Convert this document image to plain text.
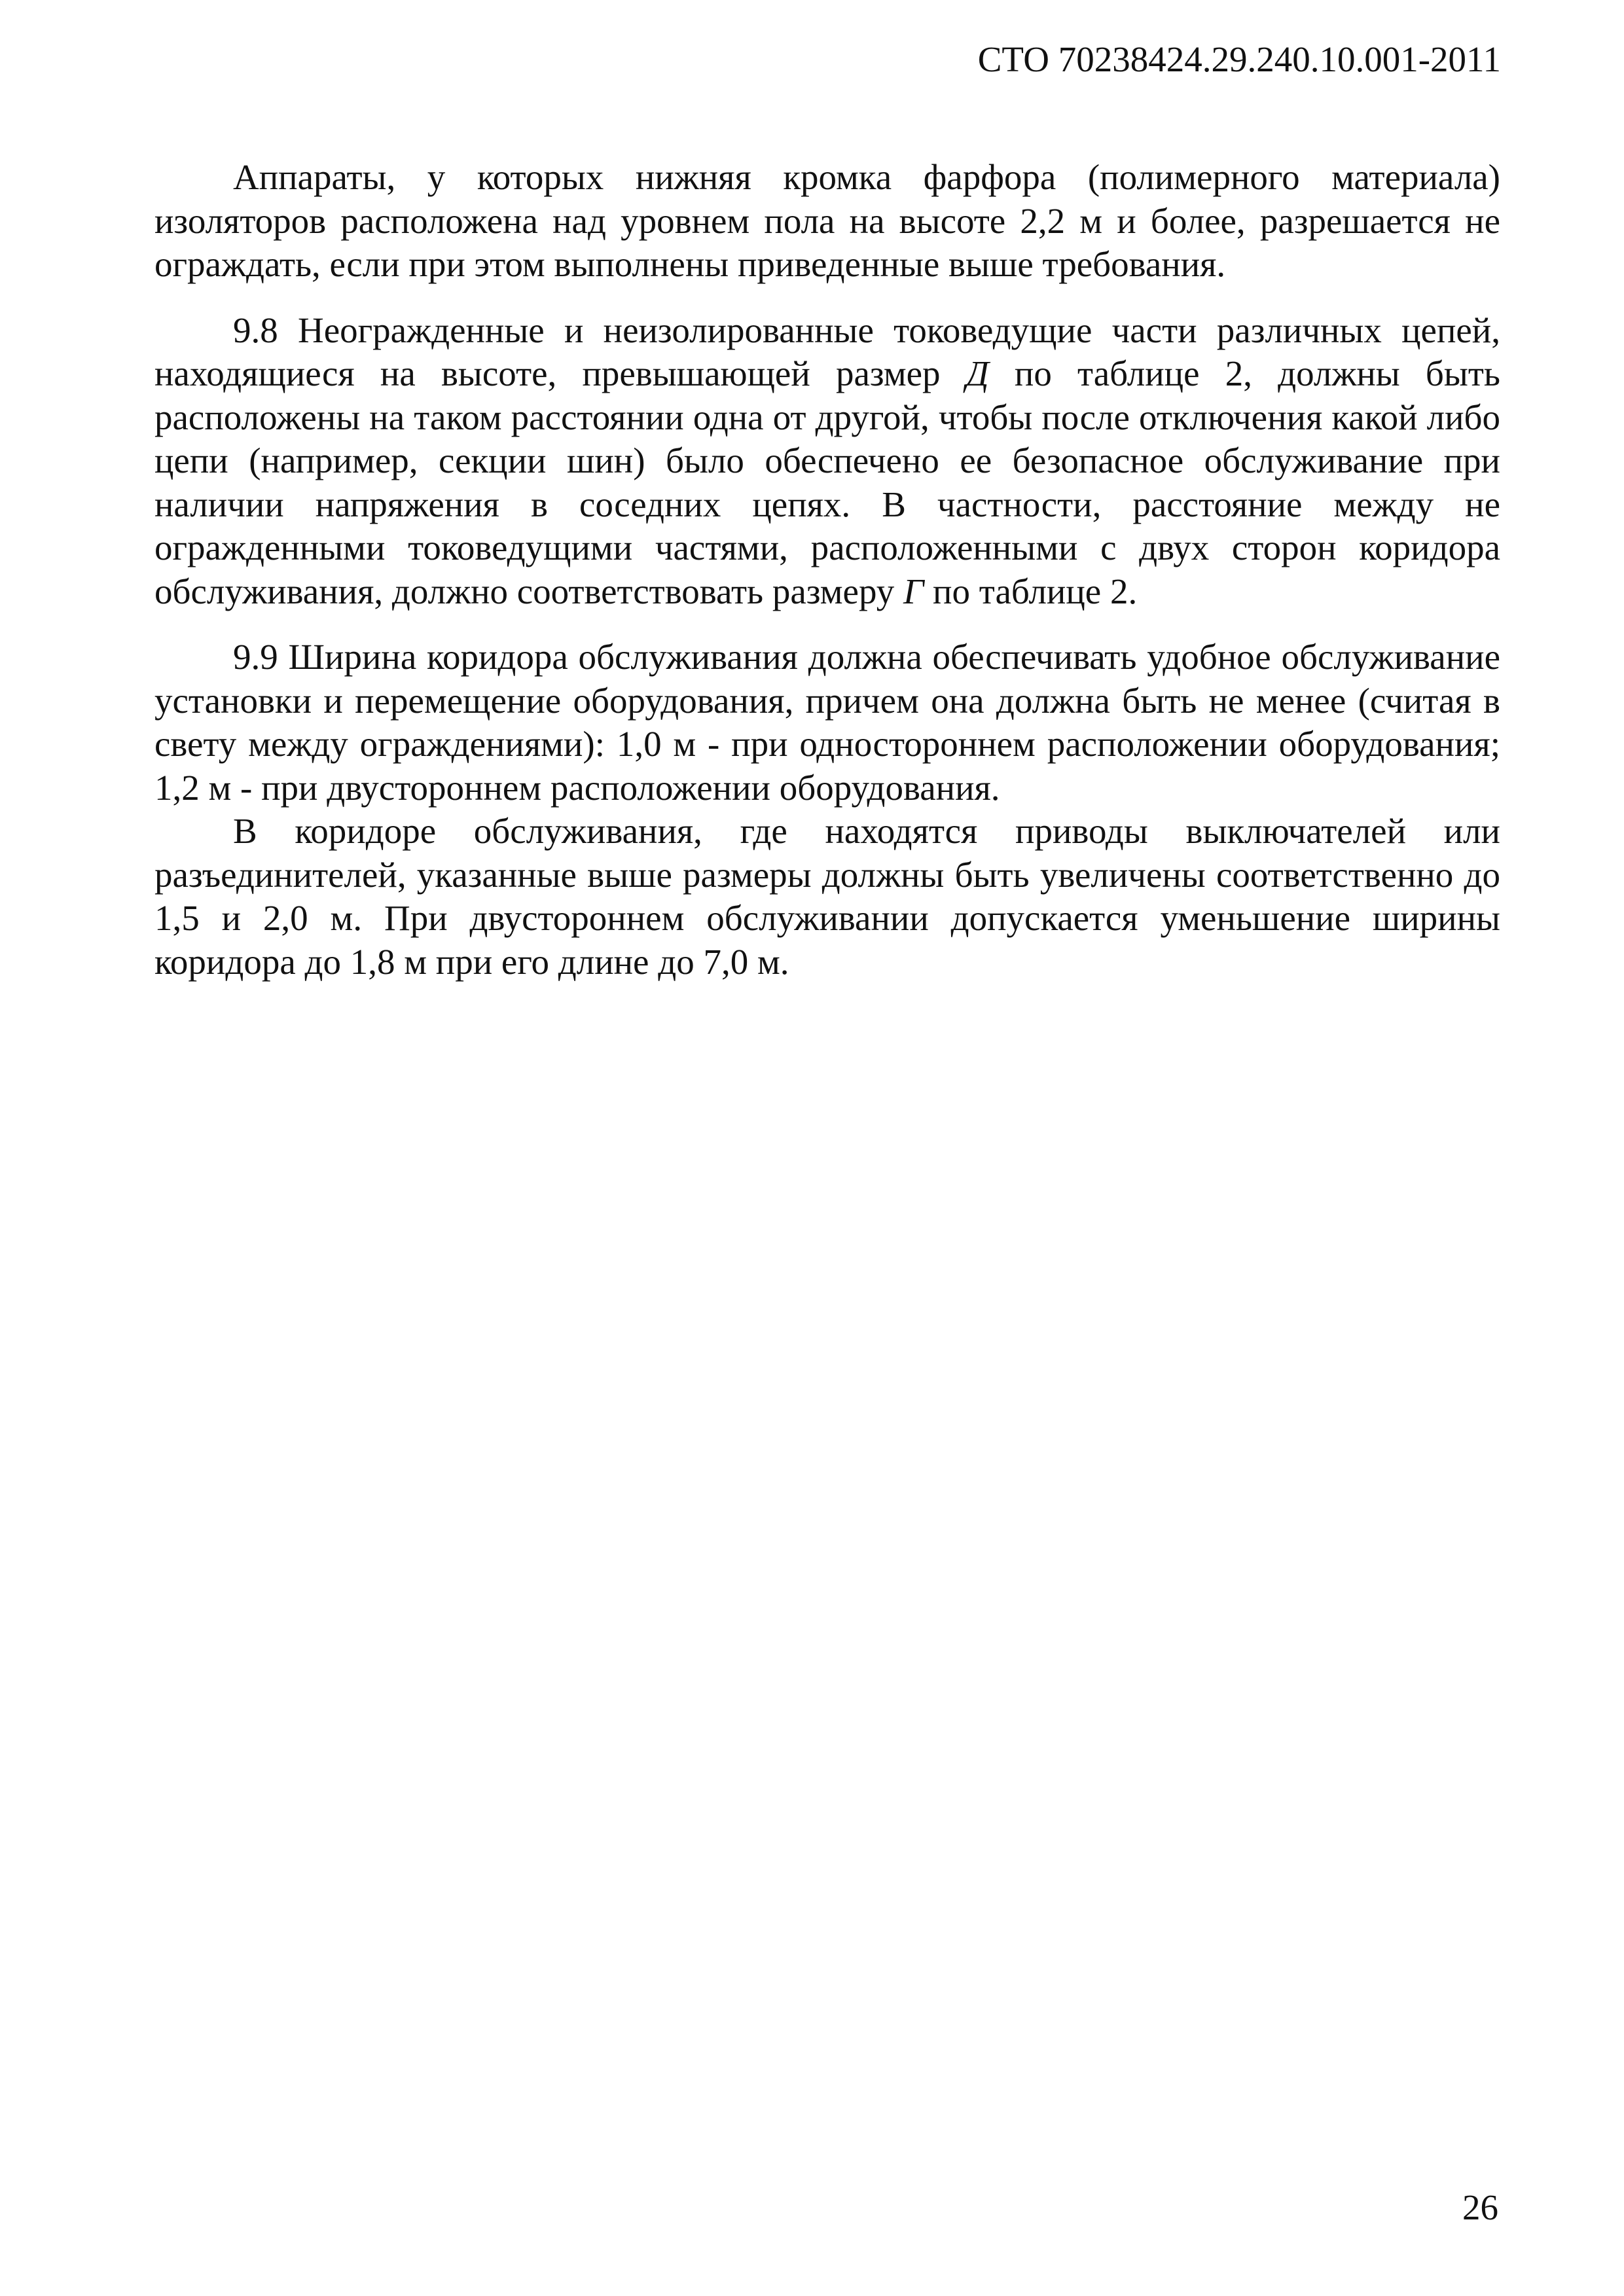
СТО 70238424.29.240.10.001-2011

Аппараты, у которых нижняя кромка фарфора (полимерного материала) изоляторов расположена над уровнем пола на высоте 2,2 м и более, разрешается не ограждать, если при этом выполнены приведенные выше требования.

9.8 Неогражденные и неизолированные токоведущие части различных цепей, находящиеся на высоте, превышающей размер Д по таблице 2, должны быть расположены на таком расстоянии одна от другой, чтобы после отключения какой либо цепи (например, секции шин) было обеспечено ее безопасное обслуживание при наличии напряжения в соседних цепях. В частности, расстояние между не огражденными токоведущими частями, расположенными с двух сторон коридора обслуживания, должно соответствовать размеру Г по таблице 2.

9.9 Ширина коридора обслуживания должна обеспечивать удобное обслуживание установки и перемещение оборудования, причем она должна быть не менее (считая в свету между ограждениями): 1,0 м - при одностороннем расположении оборудования; 1,2 м - при двустороннем расположении оборудования.

В коридоре обслуживания, где находятся приводы выключателей или разъединителей, указанные выше размеры должны быть увеличены соответственно до 1,5 и 2,0 м. При двустороннем обслуживании допускается уменьшение ширины коридора до 1,8 м при его длине до 7,0 м.

26
